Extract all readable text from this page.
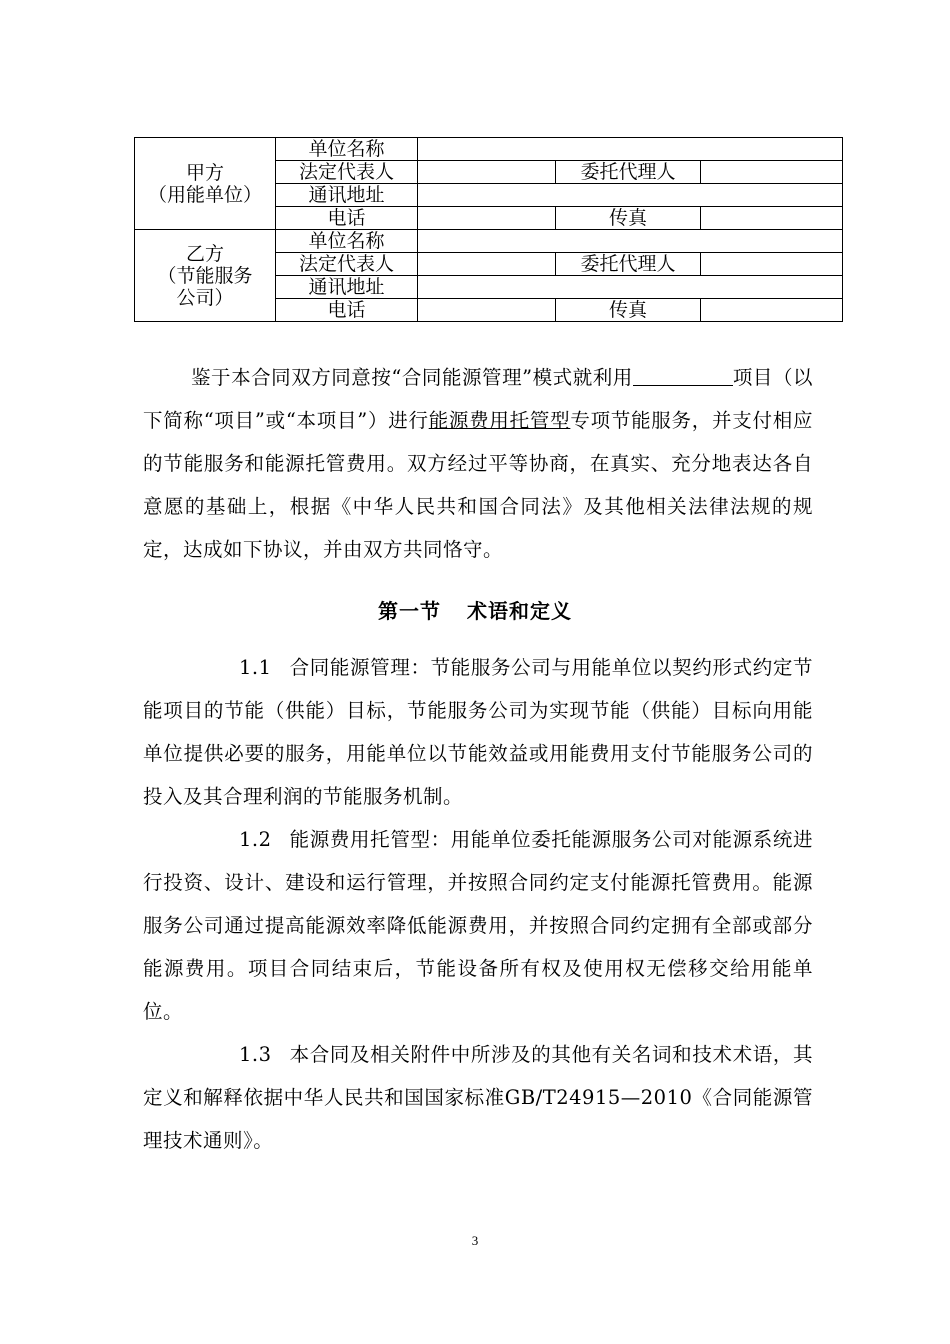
甲方
（用能单位）	单位名称			
	法定代表人		委托代理人	
	通讯地址			
	电话		传真	

乙方
（节能服务公司）	单位名称			
	法定代表人		委托代理人	
	通讯地址			
	电话		传真	

鉴于本合同双方同意按“合同能源管理”模式就利用	项目（以下简称“项目”或“本项目”）进行能源费用托管型专项节能服务，并支付相应的节能服务和能源托管费用。双方经过平等协商，在真实、充分地表达各自意愿的基础上，根据《中华人民共和国合同法》及其他相关法律法规的规定，达成如下协议，并由双方共同恪守。

第一节 术语和定义

1.1 合同能源管理：节能服务公司与用能单位以契约形式约定节能项目的节能（供能）目标，节能服务公司为实现节能（供能）目标向用能单位提供必要的服务，用能单位以节能效益或用能费用支付节能服务公司的投入及其合理利润的节能服务机制。

1.2 能源费用托管型：用能单位委托能源服务公司对能源系统进行投资、设计、建设和运行管理，并按照合同约定支付能源托管费用。能源服务公司通过提高能源效率降低能源费用，并按照合同约定拥有全部或部分能源费用。项目合同结束后，节能设备所有权及使用权无偿移交给用能单位。

1.3 本合同及相关附件中所涉及的其他有关名词和技术术语，其定义和解释依据中华人民共和国国家标准GB/T24915—2010《合同能源管理技术通则》。

3
